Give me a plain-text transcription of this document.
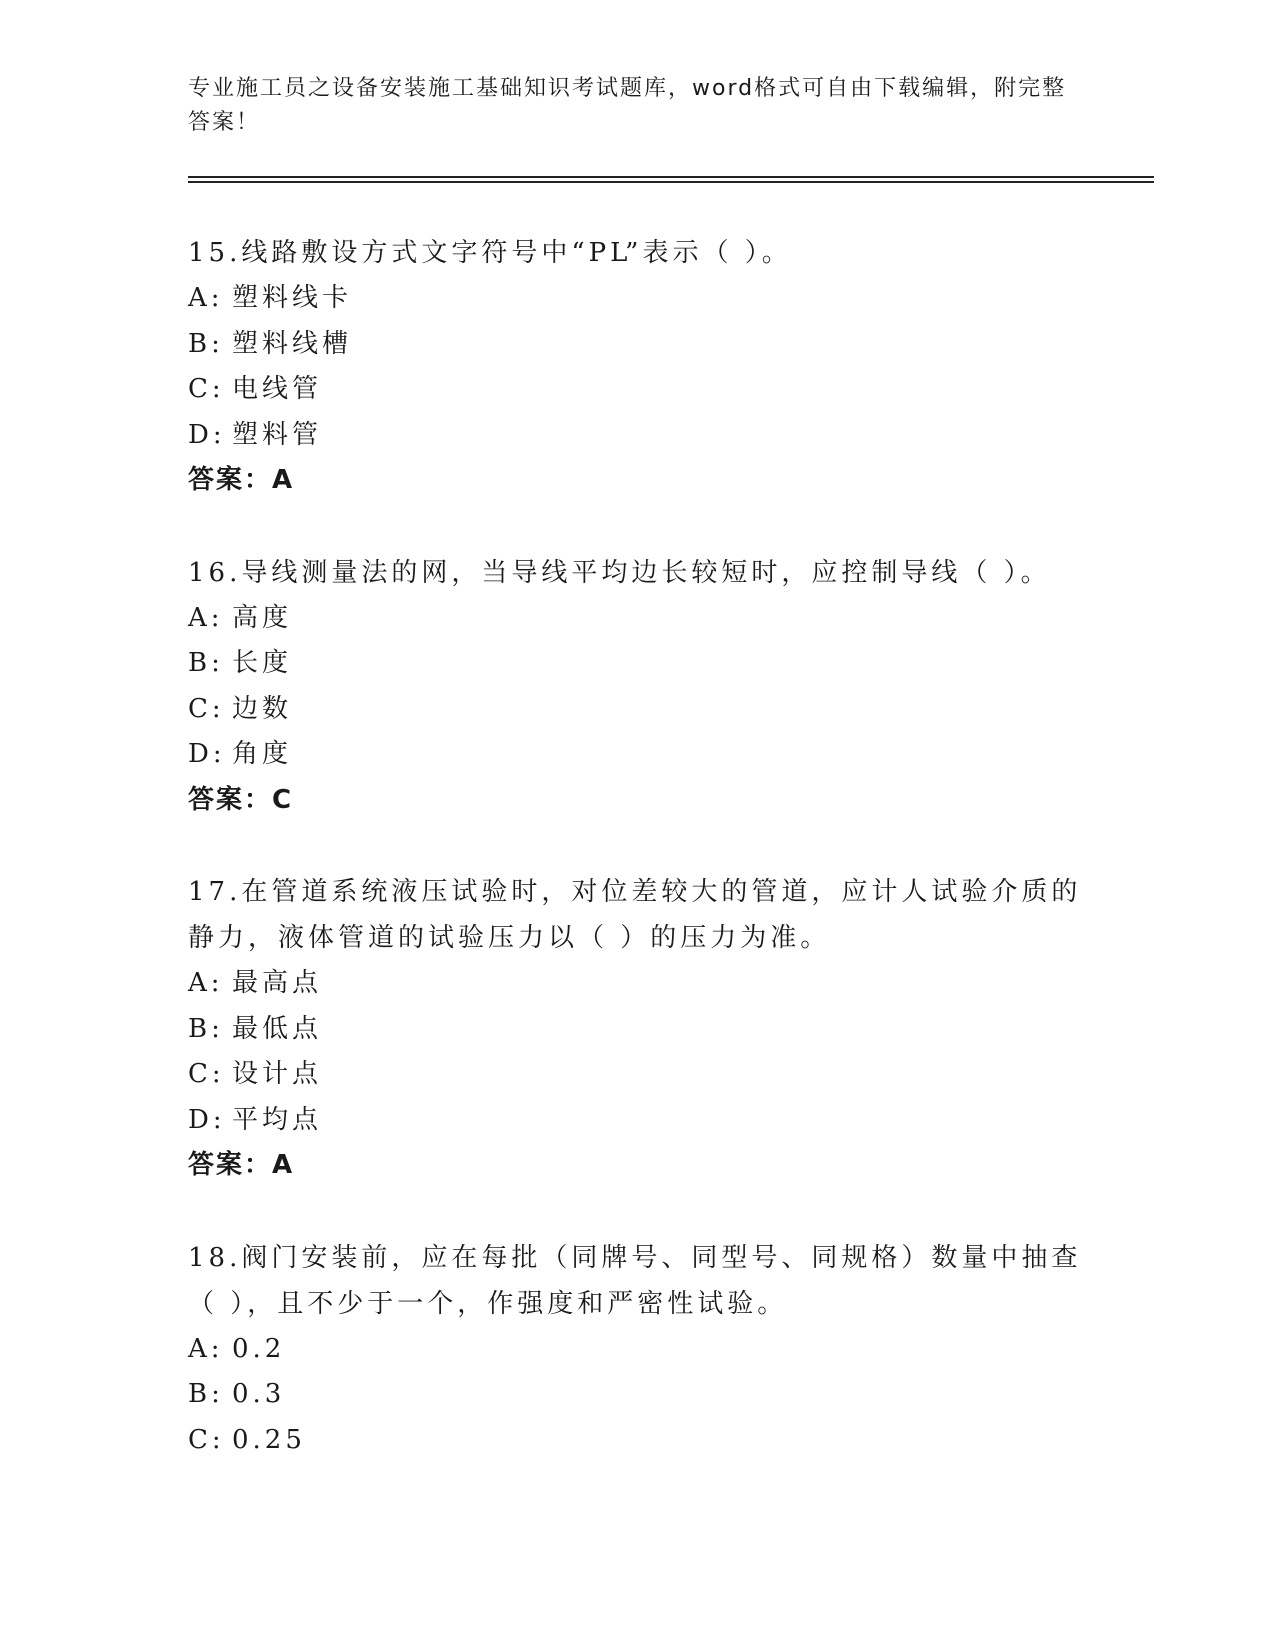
专业施工员之设备安装施工基础知识考试题库，word格式可自由下载编辑，附完整答案！

15.线路敷设方式文字符号中“PL”表示（ ）。

A: 塑料线卡
B: 塑料线槽
C: 电线管
D: 塑料管
答案：A

16.导线测量法的网，当导线平均边长较短时，应控制导线（ ）。

A: 高度
B: 长度
C: 边数
D: 角度
答案：C

17.在管道系统液压试验时，对位差较大的管道，应计人试验介质的静力，液体管道的试验压力以（ ）的压力为准。

A: 最高点
B: 最低点
C: 设计点
D: 平均点
答案：A

18.阀门安装前，应在每批（同牌号、同型号、同规格）数量中抽查（ ），且不少于一个，作强度和严密性试验。

A: 0.2
B: 0.3
C: 0.25
